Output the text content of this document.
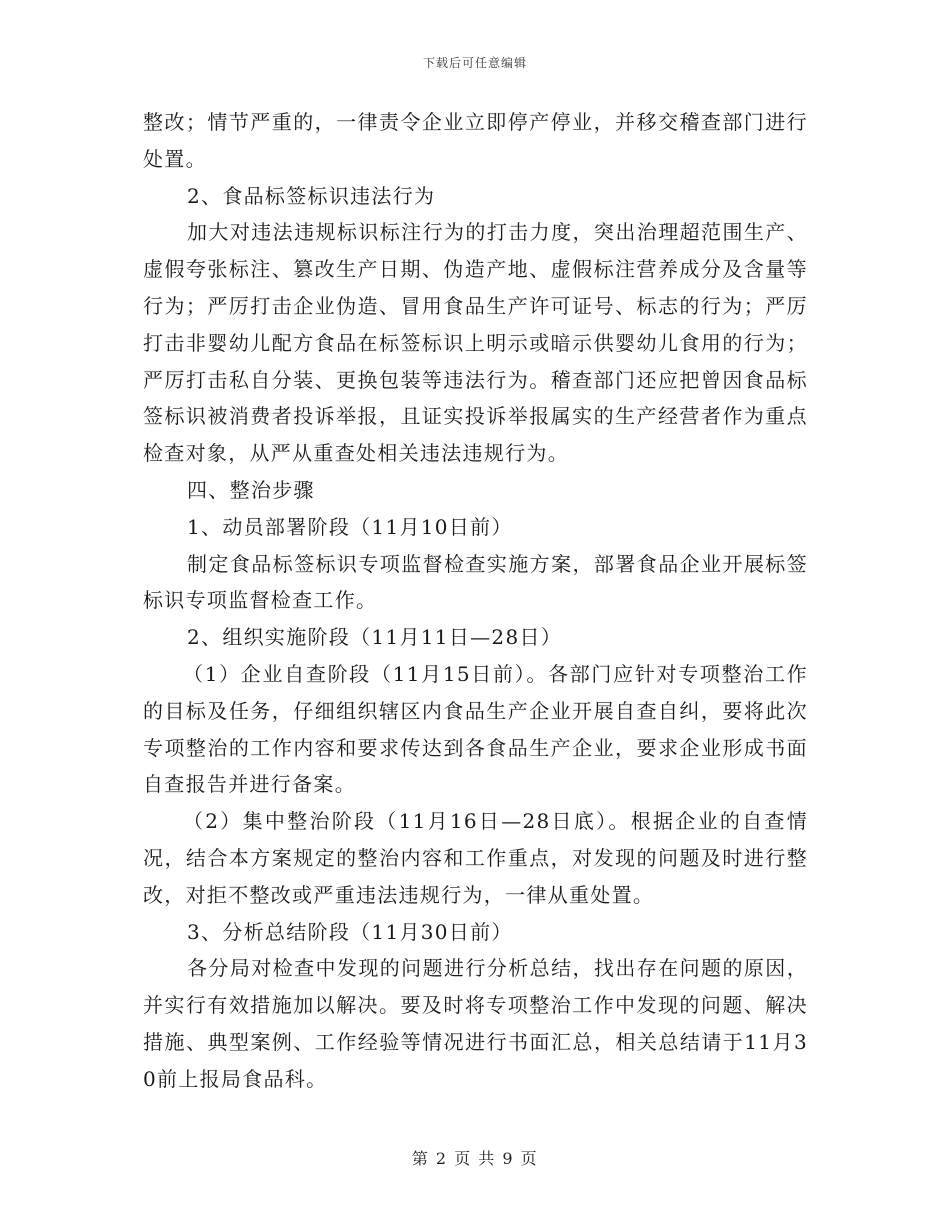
下载后可任意编辑

整改；情节严重的，一律责令企业立即停产停业，并移交稽查部门进行处置。

2、食品标签标识违法行为

加大对违法违规标识标注行为的打击力度，突出治理超范围生产、虚假夸张标注、篡改生产日期、伪造产地、虚假标注营养成分及含量等行为；严厉打击企业伪造、冒用食品生产许可证号、标志的行为；严厉打击非婴幼儿配方食品在标签标识上明示或暗示供婴幼儿食用的行为；严厉打击私自分装、更换包装等违法行为。稽查部门还应把曾因食品标签标识被消费者投诉举报，且证实投诉举报属实的生产经营者作为重点检查对象，从严从重查处相关违法违规行为。

四、整治步骤

1、动员部署阶段（11月10日前）

制定食品标签标识专项监督检查实施方案，部署食品企业开展标签标识专项监督检查工作。

2、组织实施阶段（11月11日—28日）

（1）企业自查阶段（11月15日前）。各部门应针对专项整治工作的目标及任务，仔细组织辖区内食品生产企业开展自查自纠，要将此次专项整治的工作内容和要求传达到各食品生产企业，要求企业形成书面自查报告并进行备案。

（2）集中整治阶段（11月16日—28日底）。根据企业的自查情况，结合本方案规定的整治内容和工作重点，对发现的问题及时进行整改，对拒不整改或严重违法违规行为，一律从重处置。

3、分析总结阶段（11月30日前）

各分局对检查中发现的问题进行分析总结，找出存在问题的原因，并实行有效措施加以解决。要及时将专项整治工作中发现的问题、解决措施、典型案例、工作经验等情况进行书面汇总，相关总结请于11月30前上报局食品科。

第 2 页 共 9 页
